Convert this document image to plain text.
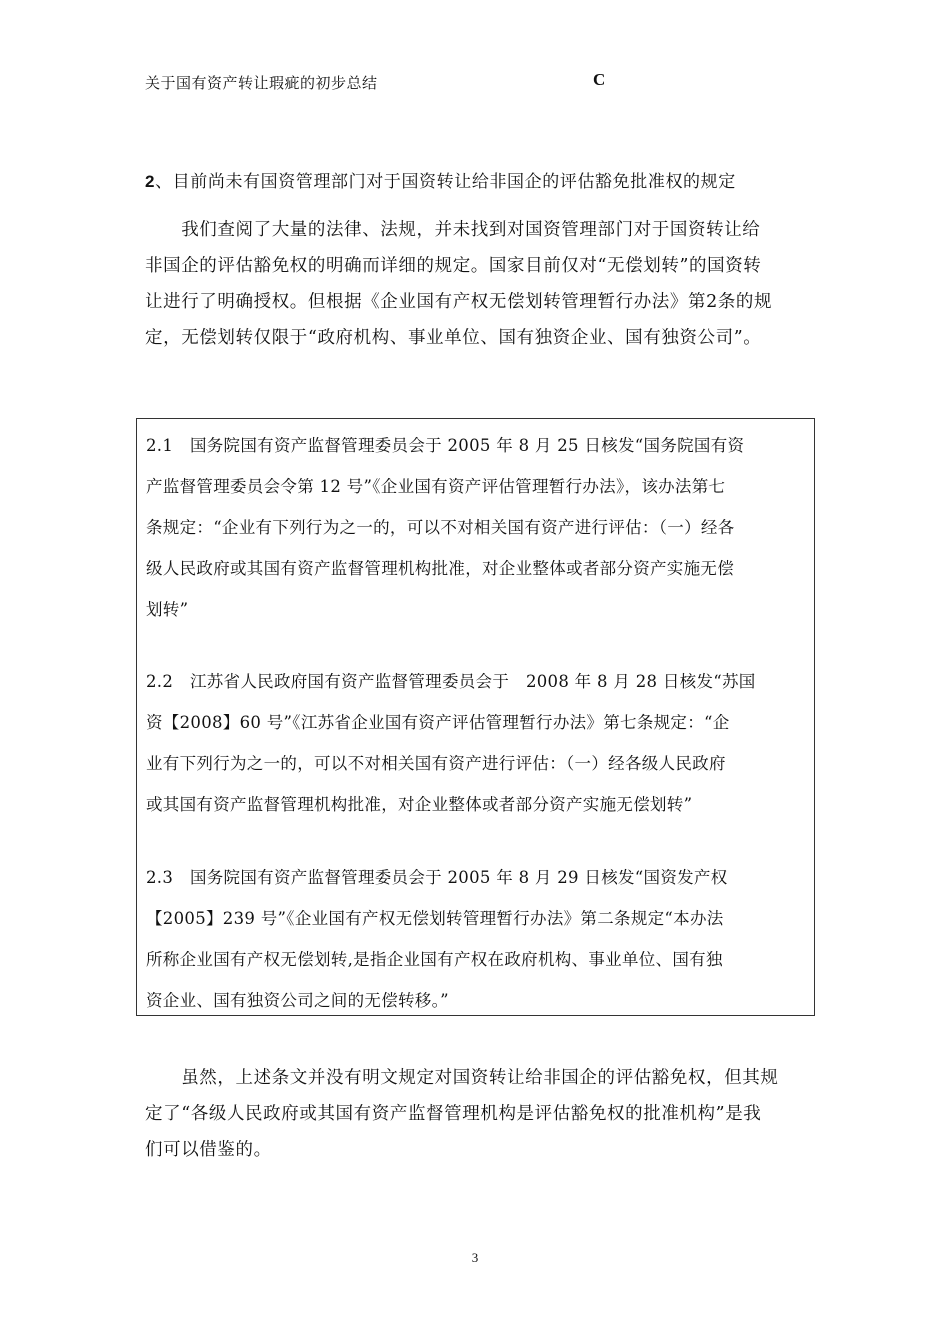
关于国有资产转让瑕疵的初步总结	C
2、目前尚未有国资管理部门对于国资转让给非国企的评估豁免批准权的规定
　　我们查阅了大量的法律、法规，并未找到对国资管理部门对于国资转让给
非国企的评估豁免权的明确而详细的规定。国家目前仅对“无偿划转”的国资转
让进行了明确授权。但根据《企业国有产权无偿划转管理暂行办法》第2条的规
定，无偿划转仅限于“政府机构、事业单位、国有独资企业、国有独资公司”。
2.1　国务院国有资产监督管理委员会于 2005 年 8 月 25 日核发“国务院国有资
产监督管理委员会令第 12 号”《企业国有资产评估管理暂行办法》，该办法第七
条规定：“企业有下列行为之一的，可以不对相关国有资产进行评估：（一）经各
级人民政府或其国有资产监督管理机构批准，对企业整体或者部分资产实施无偿
划转”
2.2　江苏省人民政府国有资产监督管理委员会于　2008 年 8 月 28 日核发“苏国
资【2008】60 号”《江苏省企业国有资产评估管理暂行办法》第七条规定：“企
业有下列行为之一的，可以不对相关国有资产进行评估：（一）经各级人民政府
或其国有资产监督管理机构批准，对企业整体或者部分资产实施无偿划转”
2.3　国务院国有资产监督管理委员会于 2005 年 8 月 29 日核发“国资发产权
【2005】239 号”《企业国有产权无偿划转管理暂行办法》第二条规定“本办法
所称企业国有产权无偿划转,是指企业国有产权在政府机构、事业单位、国有独
资企业、国有独资公司之间的无偿转移。”
　　虽然，上述条文并没有明文规定对国资转让给非国企的评估豁免权，但其规
定了“各级人民政府或其国有资产监督管理机构是评估豁免权的批准机构”是我
们可以借鉴的。
3
